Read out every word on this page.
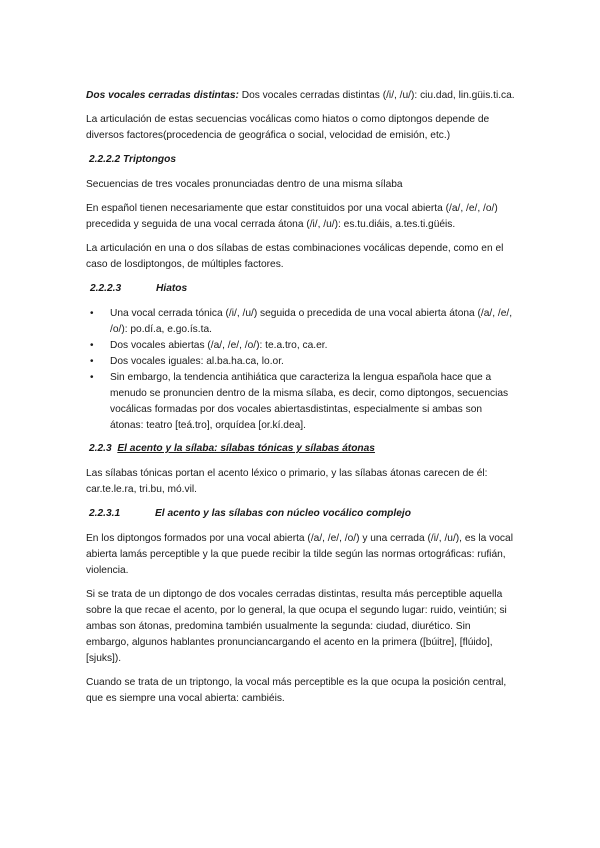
Dos vocales cerradas distintas: Dos vocales cerradas distintas (/i/, /u/): ciu.dad, lin.güis.ti.ca.

La articulación de estas secuencias vocálicas como hiatos o como diptongos depende de diversos factores(procedencia de geográfica o social, velocidad de emisión, etc.)

2.2.2.2 Triptongos

Secuencias de tres vocales pronunciadas dentro de una misma sílaba

En español tienen necesariamente que estar constituidos por una vocal abierta (/a/, /e/, /o/) precedida y seguida de una vocal cerrada átona (/i/, /u/): es.tu.diáis, a.tes.ti.güéis.

La articulación en una o dos sílabas de estas combinaciones vocálicas depende, como en el caso de losdiptongos, de múltiples factores.

2.2.2.3	Hiatos
• Una vocal cerrada tónica (/i/, /u/) seguida o precedida de una vocal abierta átona (/a/, /e/, /o/): po.dí.a, e.go.ís.ta.
• Dos vocales abiertas (/a/, /e/, /o/): te.a.tro, ca.er.
• Dos vocales iguales: al.ba.ha.ca, lo.or.
• Sin embargo, la tendencia antihiática que caracteriza la lengua española hace que a menudo se pronuncien dentro de la misma sílaba, es decir, como diptongos, secuencias vocálicas formadas por dos vocales abiertasdistintas, especialmente si ambas son átonas: teatro [teá.tro], orquídea [or.kí.dea].
2.2.3 El acento y la sílaba: sílabas tónicas y sílabas átonas

Las sílabas tónicas portan el acento léxico o primario, y las sílabas átonas carecen de él: car.te.le.ra, tri.bu, mó.vil.

2.2.3.1	El acento y las sílabas con núcleo vocálico complejo

En los diptongos formados por una vocal abierta (/a/, /e/, /o/) y una cerrada (/i/, /u/), es la vocal abierta lamás perceptible y la que puede recibir la tilde según las normas ortográficas: rufián, violencia.

Si se trata de un diptongo de dos vocales cerradas distintas, resulta más perceptible aquella sobre la que recae el acento, por lo general, la que ocupa el segundo lugar: ruido, veintiún; si ambas son átonas, predomina también usualmente la segunda: ciudad, diurético. Sin embargo, algunos hablantes pronunciancargando el acento en la primera ([búitre], [flúido], [sjuks]).

Cuando se trata de un triptongo, la vocal más perceptible es la que ocupa la posición central, que es siempre una vocal abierta: cambiéis.
